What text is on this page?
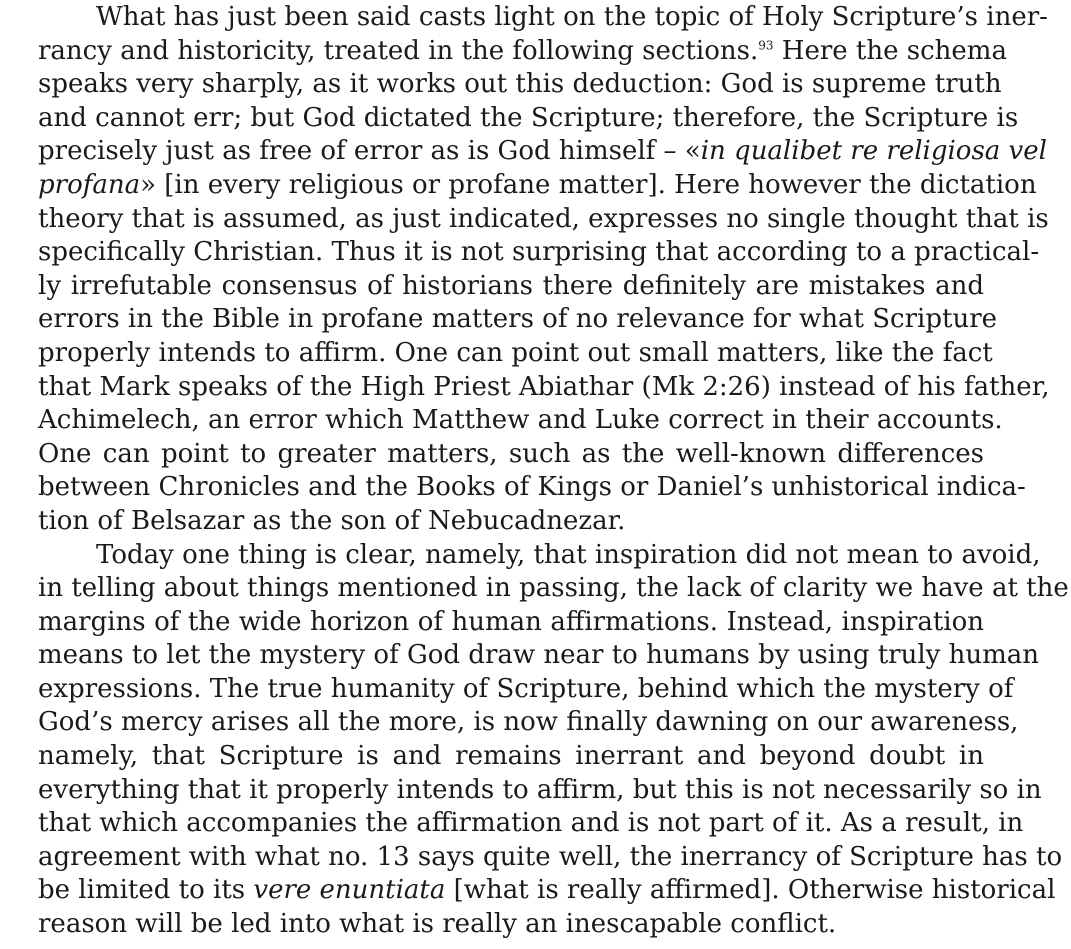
What has just been said casts light on the topic of Holy Scripture’s iner-
rancy and historicity, treated in the following sections.$^{93}$ Here the schema
speaks very sharply, as it works out this deduction: God is supreme truth
and cannot err; but God dictated the Scripture; therefore, the Scripture is
precisely just as free of error as is God himself – «in qualibet re religiosa vel
profana» [in every religious or profane matter]. Here however the dictation
theory that is assumed, as just indicated, expresses no single thought that is
specifically Christian. Thus it is not surprising that according to a practical-
ly irrefutable consensus of historians there definitely are mistakes and
errors in the Bible in profane matters of no relevance for what Scripture
properly intends to affirm. One can point out small matters, like the fact
that Mark speaks of the High Priest Abiathar (Mk 2:26) instead of his father,
Achimelech, an error which Matthew and Luke correct in their accounts.
One can point to greater matters, such as the well-known differences
between Chronicles and the Books of Kings or Daniel’s unhistorical indica-
tion of Belsazar as the son of Nebucadnezar.
Today one thing is clear, namely, that inspiration did not mean to avoid,
in telling about things mentioned in passing, the lack of clarity we have at the
margins of the wide horizon of human affirmations. Instead, inspiration
means to let the mystery of God draw near to humans by using truly human
expressions. The true humanity of Scripture, behind which the mystery of
God’s mercy arises all the more, is now finally dawning on our awareness,
namely, that Scripture is and remains inerrant and beyond doubt in
everything that it properly intends to affirm, but this is not necessarily so in
that which accompanies the affirmation and is not part of it. As a result, in
agreement with what no. 13 says quite well, the inerrancy of Scripture has to
be limited to its vere enuntiata [what is really affirmed]. Otherwise historical
reason will be led into what is really an inescapable conflict.
